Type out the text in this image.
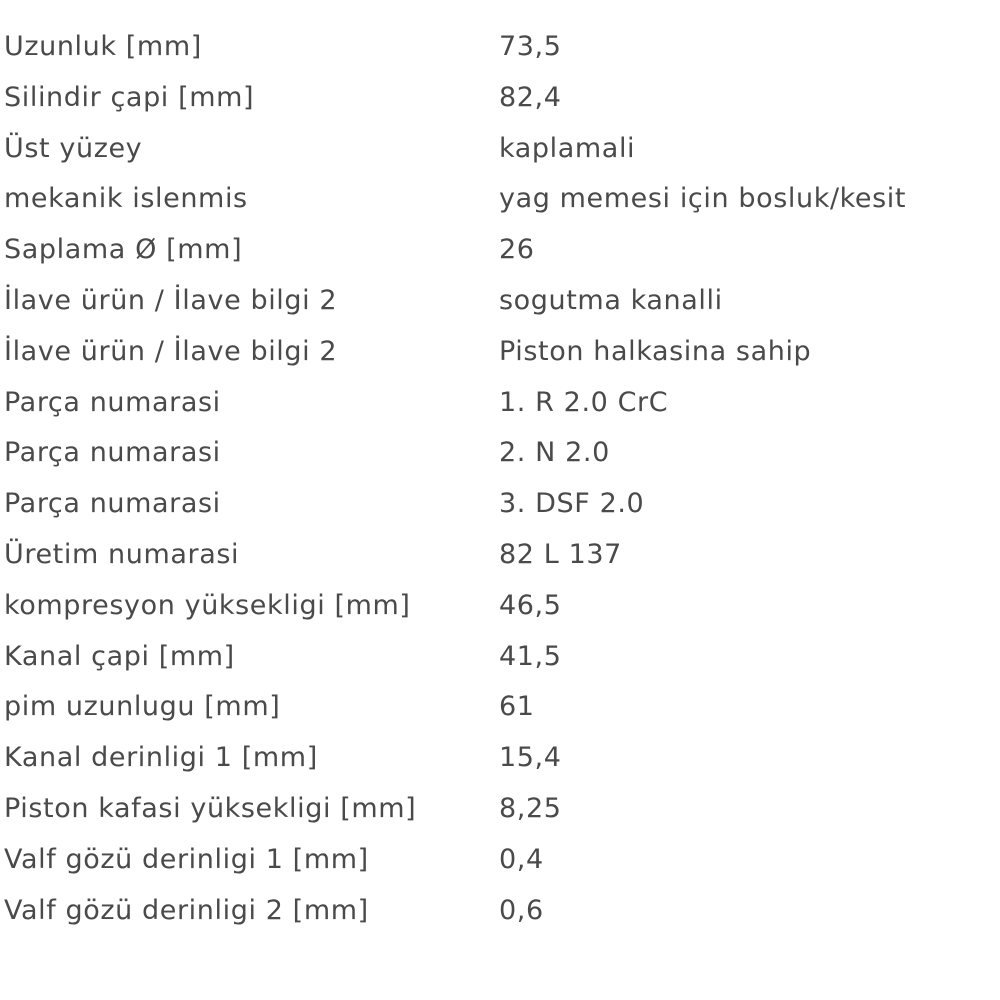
Uzunluk [mm]	73,5
Silindir çapi [mm]	82,4
Üst yüzey	kaplamali
mekanik islenmis	yag memesi için bosluk/kesit
Saplama Ø [mm]	26
İlave ürün / İlave bilgi 2	sogutma kanalli
İlave ürün / İlave bilgi 2	Piston halkasina sahip
Parça numarasi	1. R 2.0 CrC
Parça numarasi	2. N 2.0
Parça numarasi	3. DSF 2.0
Üretim numarasi	82 L 137
kompresyon yüksekligi [mm]	46,5
Kanal çapi [mm]	41,5
pim uzunlugu [mm]	61
Kanal derinligi 1 [mm]	15,4
Piston kafasi yüksekligi [mm]	8,25
Valf gözü derinligi 1 [mm]	0,4
Valf gözü derinligi 2 [mm]	0,6
